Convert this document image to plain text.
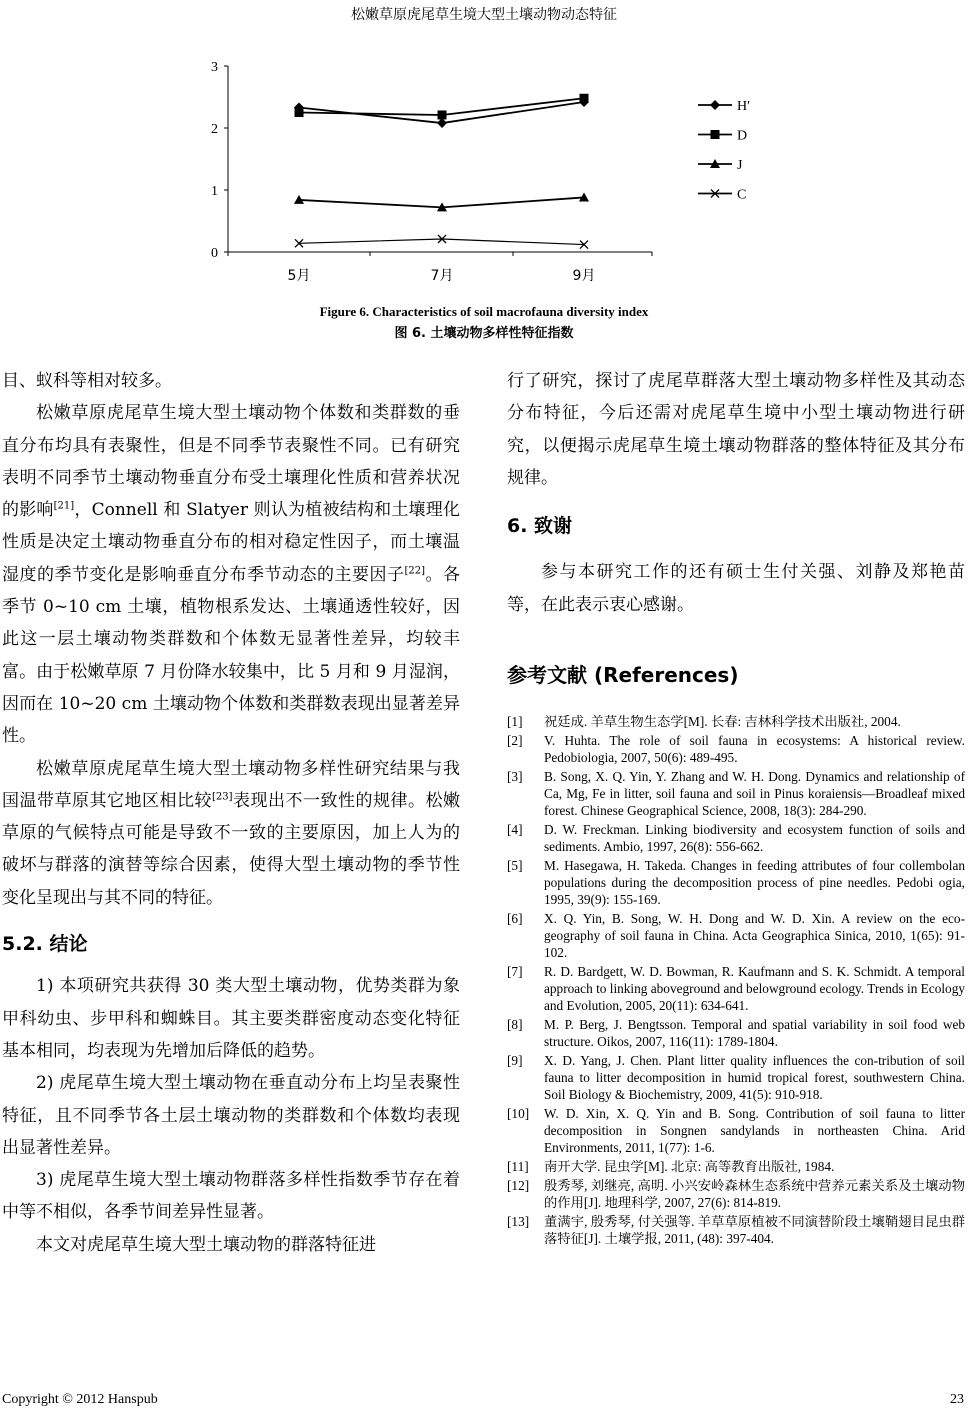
松嫩草原虎尾草生境大型土壤动物动态特征
0
1
2
3
5月	7月	9月
H′
D
J
C
Figure 6. Characteristics of soil macrofauna diversity index
图 6. 土壤动物多样性特征指数

目、蚁科等相对较多。

松嫩草原虎尾草生境大型土壤动物个体数和类群数的垂直分布均具有表聚性，但是不同季节表聚性不同。已有研究表明不同季节土壤动物垂直分布受土壤理化性质和营养状况的影响[21]，Connell 和 Slatyer 则认为植被结构和土壤理化性质是决定土壤动物垂直分布的相对稳定性因子，而土壤温湿度的季节变化是影响垂直分布季节动态的主要因子[22]。各季节 0~10 cm 土壤，植物根系发达、土壤通透性较好，因此这一层土壤动物类群数和个体数无显著性差异，均较丰富。由于松嫩草原 7 月份降水较集中，比 5 月和 9 月湿润，因而在 10~20 cm 土壤动物个体数和类群数表现出显著差异性。

松嫩草原虎尾草生境大型土壤动物多样性研究结果与我国温带草原其它地区相比较[23]表现出不一致性的规律。松嫩草原的气候特点可能是导致不一致的主要原因，加上人为的破坏与群落的演替等综合因素，使得大型土壤动物的季节性变化呈现出与其不同的特征。

5.2. 结论

1) 本项研究共获得 30 类大型土壤动物，优势类群为象甲科幼虫、步甲科和蜘蛛目。其主要类群密度动态变化特征基本相同，均表现为先增加后降低的趋势。

2) 虎尾草生境大型土壤动物在垂直动分布上均呈表聚性特征，且不同季节各土层土壤动物的类群数和个体数均表现出显著性差异。

3) 虎尾草生境大型土壤动物群落多样性指数季节存在着中等不相似，各季节间差异性显著。

本文对虎尾草生境大型土壤动物的群落特征进

行了研究，探讨了虎尾草群落大型土壤动物多样性及其动态分布特征，今后还需对虎尾草生境中小型土壤动物进行研究，以便揭示虎尾草生境土壤动物群落的整体特征及其分布规律。

6. 致谢

参与本研究工作的还有硕士生付关强、刘静及郑艳苗等，在此表示衷心感谢。

参考文献 (References)
[1]	祝廷成. 羊草生物生态学[M]. 长春: 吉林科学技术出版社, 2004.
[2]	V. Huhta. The role of soil fauna in ecosystems: A historical review. Pedobiologia, 2007, 50(6): 489-495.
[3]	B. Song, X. Q. Yin, Y. Zhang and W. H. Dong. Dynamics and relationship of Ca, Mg, Fe in litter, soil fauna and soil in Pinus koraiensis—Broadleaf mixed forest. Chinese Geographical Science, 2008, 18(3): 284-290.
[4]	D. W. Freckman. Linking biodiversity and ecosystem function of soils and sediments. Ambio, 1997, 26(8): 556-662.
[5]	M. Hasegawa, H. Takeda. Changes in feeding attributes of four collembolan populations during the decomposition process of pine needles. Pedobi ogia, 1995, 39(9): 155-169.
[6]	X. Q. Yin, B. Song, W. H. Dong and W. D. Xin. A review on the eco-geography of soil fauna in China. Acta Geographica Sinica, 2010, 1(65): 91-102.
[7]	R. D. Bardgett, W. D. Bowman, R. Kaufmann and S. K. Schmidt. A temporal approach to linking aboveground and belowground ecology. Trends in Ecology and Evolution, 2005, 20(11): 634-641.
[8]	M. P. Berg, J. Bengtsson. Temporal and spatial variability in soil food web structure. Oikos, 2007, 116(11): 1789-1804.
[9]	X. D. Yang, J. Chen. Plant litter quality influences the con-tribution of soil fauna to litter decomposition in humid tropical forest, southwestern China. Soil Biology & Biochemistry, 2009, 41(5): 910-918.
[10]	W. D. Xin, X. Q. Yin and B. Song. Contribution of soil fauna to litter decomposition in Songnen sandylands in northeasten China. Arid Environments, 2011, 1(77): 1-6.
[11]	南开大学. 昆虫学[M]. 北京: 高等教育出版社, 1984.
[12]	殷秀琴, 刘继亮, 高明. 小兴安岭森林生态系统中营养元素关系及土壤动物的作用[J]. 地理科学, 2007, 27(6): 814-819.
[13]	董满宇, 殷秀琴, 付关强等. 羊草草原植被不同演替阶段土壤鞘翅目昆虫群落特征[J]. 土壤学报, 2011, (48): 397-404.
Copyright © 2012 Hanspub	23
